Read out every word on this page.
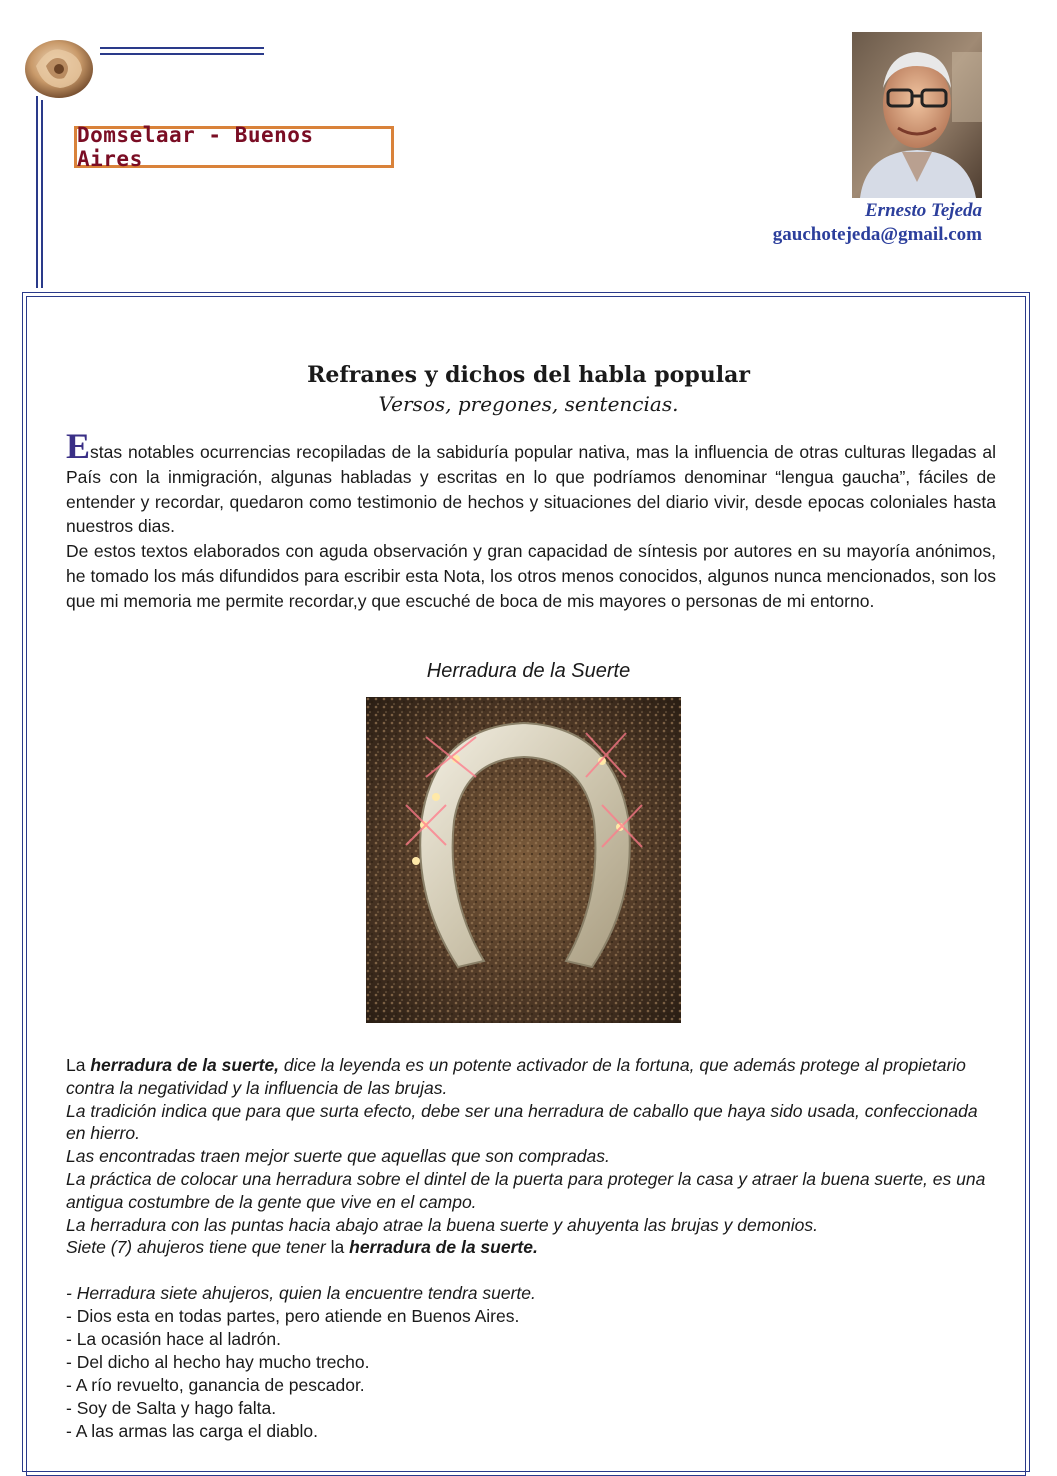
Domselaar - Buenos Aires
Ernesto Tejeda
gauchotejeda@gmail.com
Refranes y dichos del habla popular
Versos, pregones, sentencias.
Estas notables ocurrencias recopiladas de la sabiduría popular nativa, mas la influencia de otras culturas llegadas al País con la inmigración, algunas habladas y escritas en lo que podríamos denominar “lengua gaucha”, fáciles de entender y recordar, quedaron como testimonio de hechos y situaciones del diario vivir, desde epocas coloniales hasta nuestros dias.
De estos textos elaborados con aguda observación y gran capacidad de síntesis por autores en su mayoría anónimos, he tomado los más difundidos para escribir esta Nota, los otros menos conocidos, algunos nunca mencionados, son los que mi memoria me permite recordar,y que escuché de boca de mis mayores o personas de mi entorno.
Herradura de la Suerte

La herradura de la suerte, dice la leyenda es un potente activador de la fortuna, que además protege al propietario contra la negatividad y la influencia de las brujas.

La tradición indica que para que surta efecto, debe ser una herradura de caballo que haya sido usada, confeccionada en hierro.

Las encontradas traen mejor suerte que aquellas que son compradas.

La práctica de colocar una herradura sobre el dintel de la puerta para proteger la casa y atraer la buena suerte, es una antigua costumbre de la gente que vive en el campo.

La herradura con las puntas hacia abajo atrae la buena suerte y ahuyenta las brujas y demonios.

Siete (7) ahujeros tiene que tener la herradura de la suerte.

- Herradura siete ahujeros, quien la encuentre tendra suerte.
- Dios esta en todas partes, pero atiende en Buenos Aires.
- La ocasión hace al ladrón.
- Del dicho al hecho hay mucho trecho.
- A río revuelto, ganancia de pescador.
- Soy de Salta y hago falta.
- A las armas las carga el diablo.
